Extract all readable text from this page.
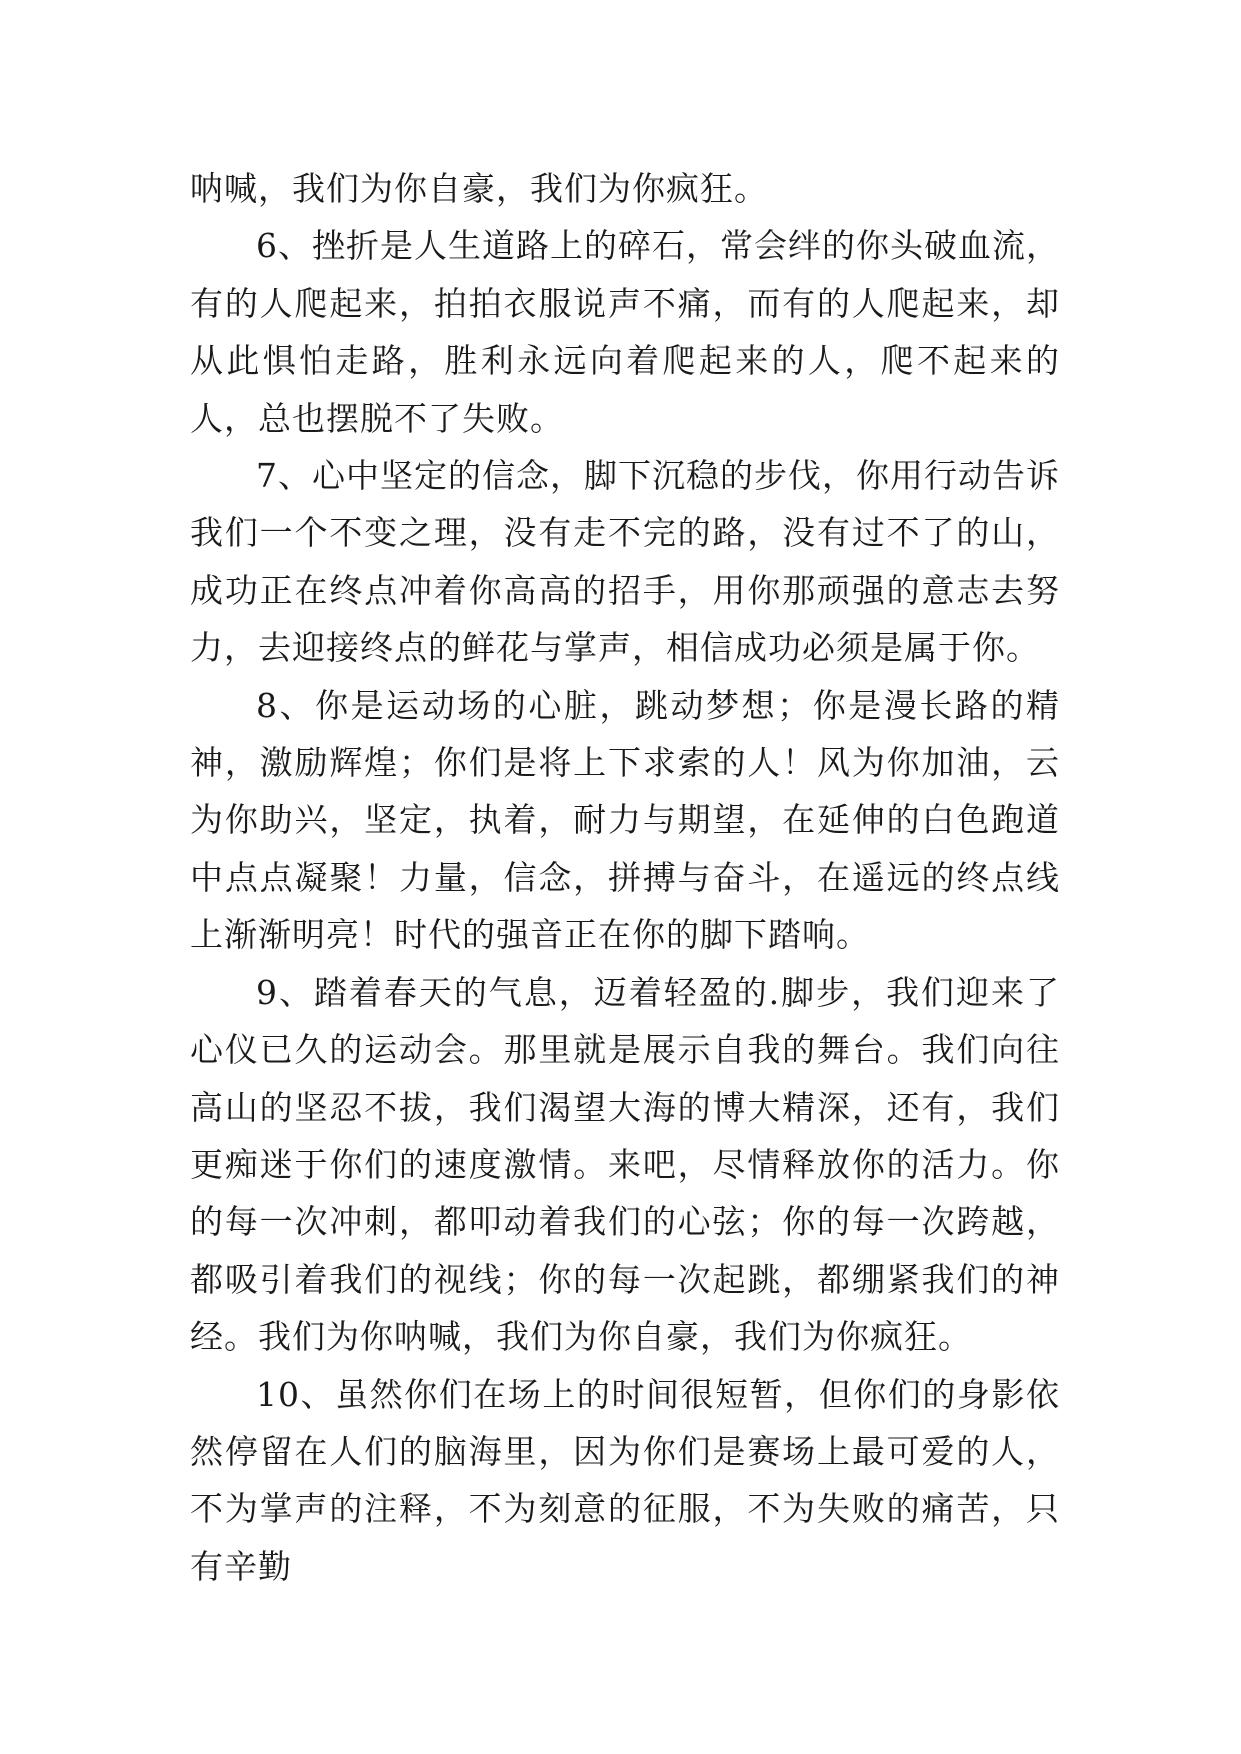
呐喊，我们为你自豪，我们为你疯狂。

6、挫折是人生道路上的碎石，常会绊的你头破血流，有的人爬起来，拍拍衣服说声不痛，而有的人爬起来，却从此惧怕走路，胜利永远向着爬起来的人，爬不起来的人，总也摆脱不了失败。

7、心中坚定的信念，脚下沉稳的步伐，你用行动告诉我们一个不变之理，没有走不完的路，没有过不了的山，成功正在终点冲着你高高的招手，用你那顽强的意志去努力，去迎接终点的鲜花与掌声，相信成功必须是属于你。

8、你是运动场的心脏，跳动梦想；你是漫长路的精神，激励辉煌；你们是将上下求索的人！风为你加油，云为你助兴，坚定，执着，耐力与期望，在延伸的白色跑道中点点凝聚！力量，信念，拼搏与奋斗，在遥远的终点线上渐渐明亮！时代的强音正在你的脚下踏响。

9、踏着春天的气息，迈着轻盈的.脚步，我们迎来了心仪已久的运动会。那里就是展示自我的舞台。我们向往高山的坚忍不拔，我们渴望大海的博大精深，还有，我们更痴迷于你们的速度激情。来吧，尽情释放你的活力。你的每一次冲刺，都叩动着我们的心弦；你的每一次跨越，都吸引着我们的视线；你的每一次起跳，都绷紧我们的神经。我们为你呐喊，我们为你自豪，我们为你疯狂。

10、虽然你们在场上的时间很短暂，但你们的身影依然停留在人们的脑海里，因为你们是赛场上最可爱的人，不为掌声的注释，不为刻意的征服，不为失败的痛苦，只有辛勤
